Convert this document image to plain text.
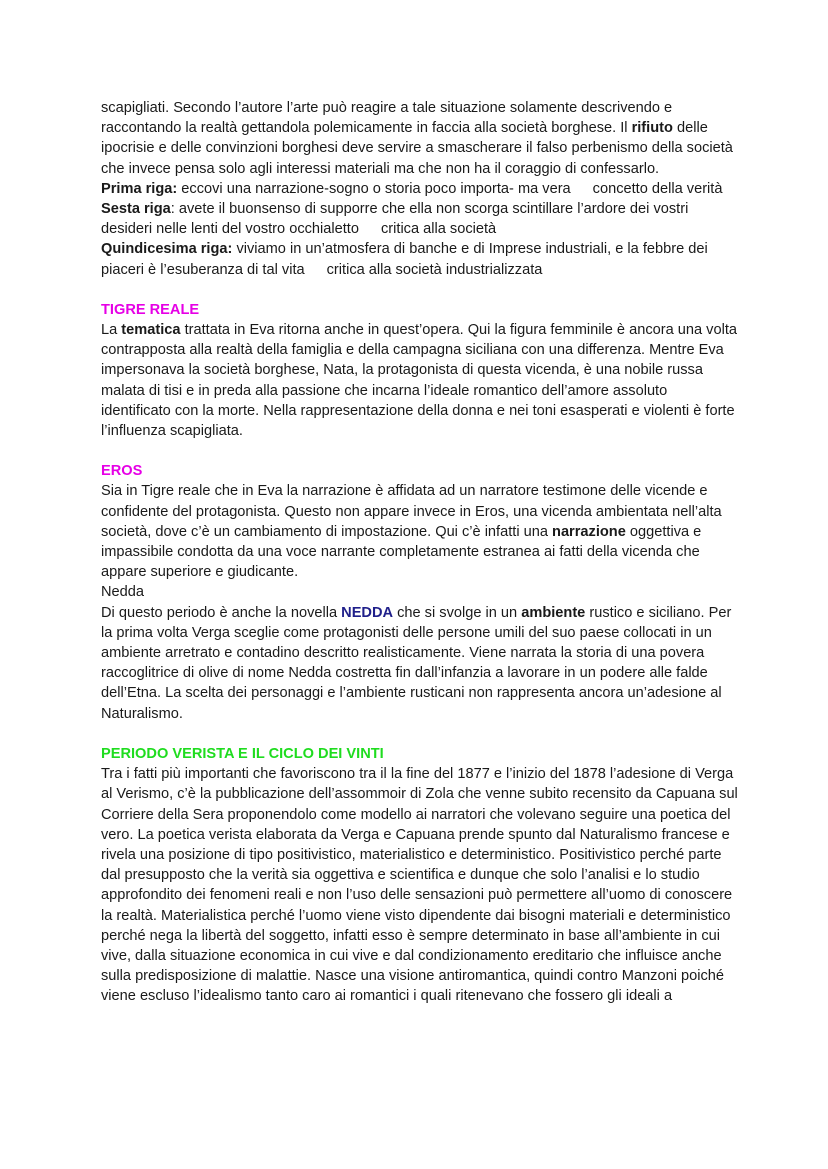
scapigliati. Secondo l’autore l’arte può reagire a tale situazione solamente descrivendo e raccontando la realtà gettandola polemicamente in faccia alla società borghese. Il rifiuto delle ipocrisie e delle convinzioni borghesi deve servire a smascherare il falso perbenismo della società che invece pensa solo agli interessi materiali ma che non ha il coraggio di confessarlo.

Prima riga: eccovi una narrazione-sogno o storia poco importa- ma vera concetto della verità

Sesta riga: avete il buonsenso di supporre che ella non scorga scintillare l’ardore dei vostri desideri nelle lenti del vostro occhialetto critica alla società

Quindicesima riga: viviamo in un’atmosfera di banche e di Imprese industriali, e la febbre dei piaceri è l’esuberanza di tal vita critica alla società industrializzata

TIGRE REALE

La tematica trattata in Eva ritorna anche in quest’opera. Qui la figura femminile è ancora una volta contrapposta alla realtà della famiglia e della campagna siciliana con una differenza. Mentre Eva impersonava la società borghese, Nata, la protagonista di questa vicenda, è una nobile russa malata di tisi e in preda alla passione che incarna l’ideale romantico dell’amore assoluto identificato con la morte. Nella rappresentazione della donna e nei toni esasperati e violenti è forte l’influenza scapigliata.

EROS

Sia in Tigre reale che in Eva la narrazione è affidata ad un narratore testimone delle vicende e confidente del protagonista. Questo non appare invece in Eros, una vicenda ambientata nell’alta società, dove c’è un cambiamento di impostazione. Qui c’è infatti una narrazione oggettiva e impassibile condotta da una voce narrante completamente estranea ai fatti della vicenda che appare superiore e giudicante.

Nedda

Di questo periodo è anche la novella NEDDA che si svolge in un ambiente rustico e siciliano. Per la prima volta Verga sceglie come protagonisti delle persone umili del suo paese collocati in un ambiente arretrato e contadino descritto realisticamente. Viene narrata la storia di una povera raccoglitrice di olive di nome Nedda costretta fin dall’infanzia a lavorare in un podere alle falde dell’Etna. La scelta dei personaggi e l’ambiente rusticani non rappresenta ancora un’adesione al Naturalismo.

PERIODO VERISTA E IL CICLO DEI VINTI

Tra i fatti più importanti che favoriscono tra il la fine del 1877 e l’inizio del 1878 l’adesione di Verga al Verismo, c’è la pubblicazione dell’assommoir di Zola che venne subito recensito da Capuana sul Corriere della Sera proponendolo come modello ai narratori che volevano seguire una poetica del vero. La poetica verista elaborata da Verga e Capuana prende spunto dal Naturalismo francese e rivela una posizione di tipo positivistico, materialistico e deterministico. Positivistico perché parte dal presupposto che la verità sia oggettiva e scientifica e dunque che solo l’analisi e lo studio approfondito dei fenomeni reali e non l’uso delle sensazioni può permettere all’uomo di conoscere la realtà. Materialistica perché l’uomo viene visto dipendente dai bisogni materiali e deterministico perché nega la libertà del soggetto, infatti esso è sempre determinato in base all’ambiente in cui vive, dalla situazione economica in cui vive e dal condizionamento ereditario che influisce anche sulla predisposizione di malattie. Nasce una visione antiromantica, quindi contro Manzoni poiché viene escluso l’idealismo tanto caro ai romantici i quali ritenevano che fossero gli ideali a
